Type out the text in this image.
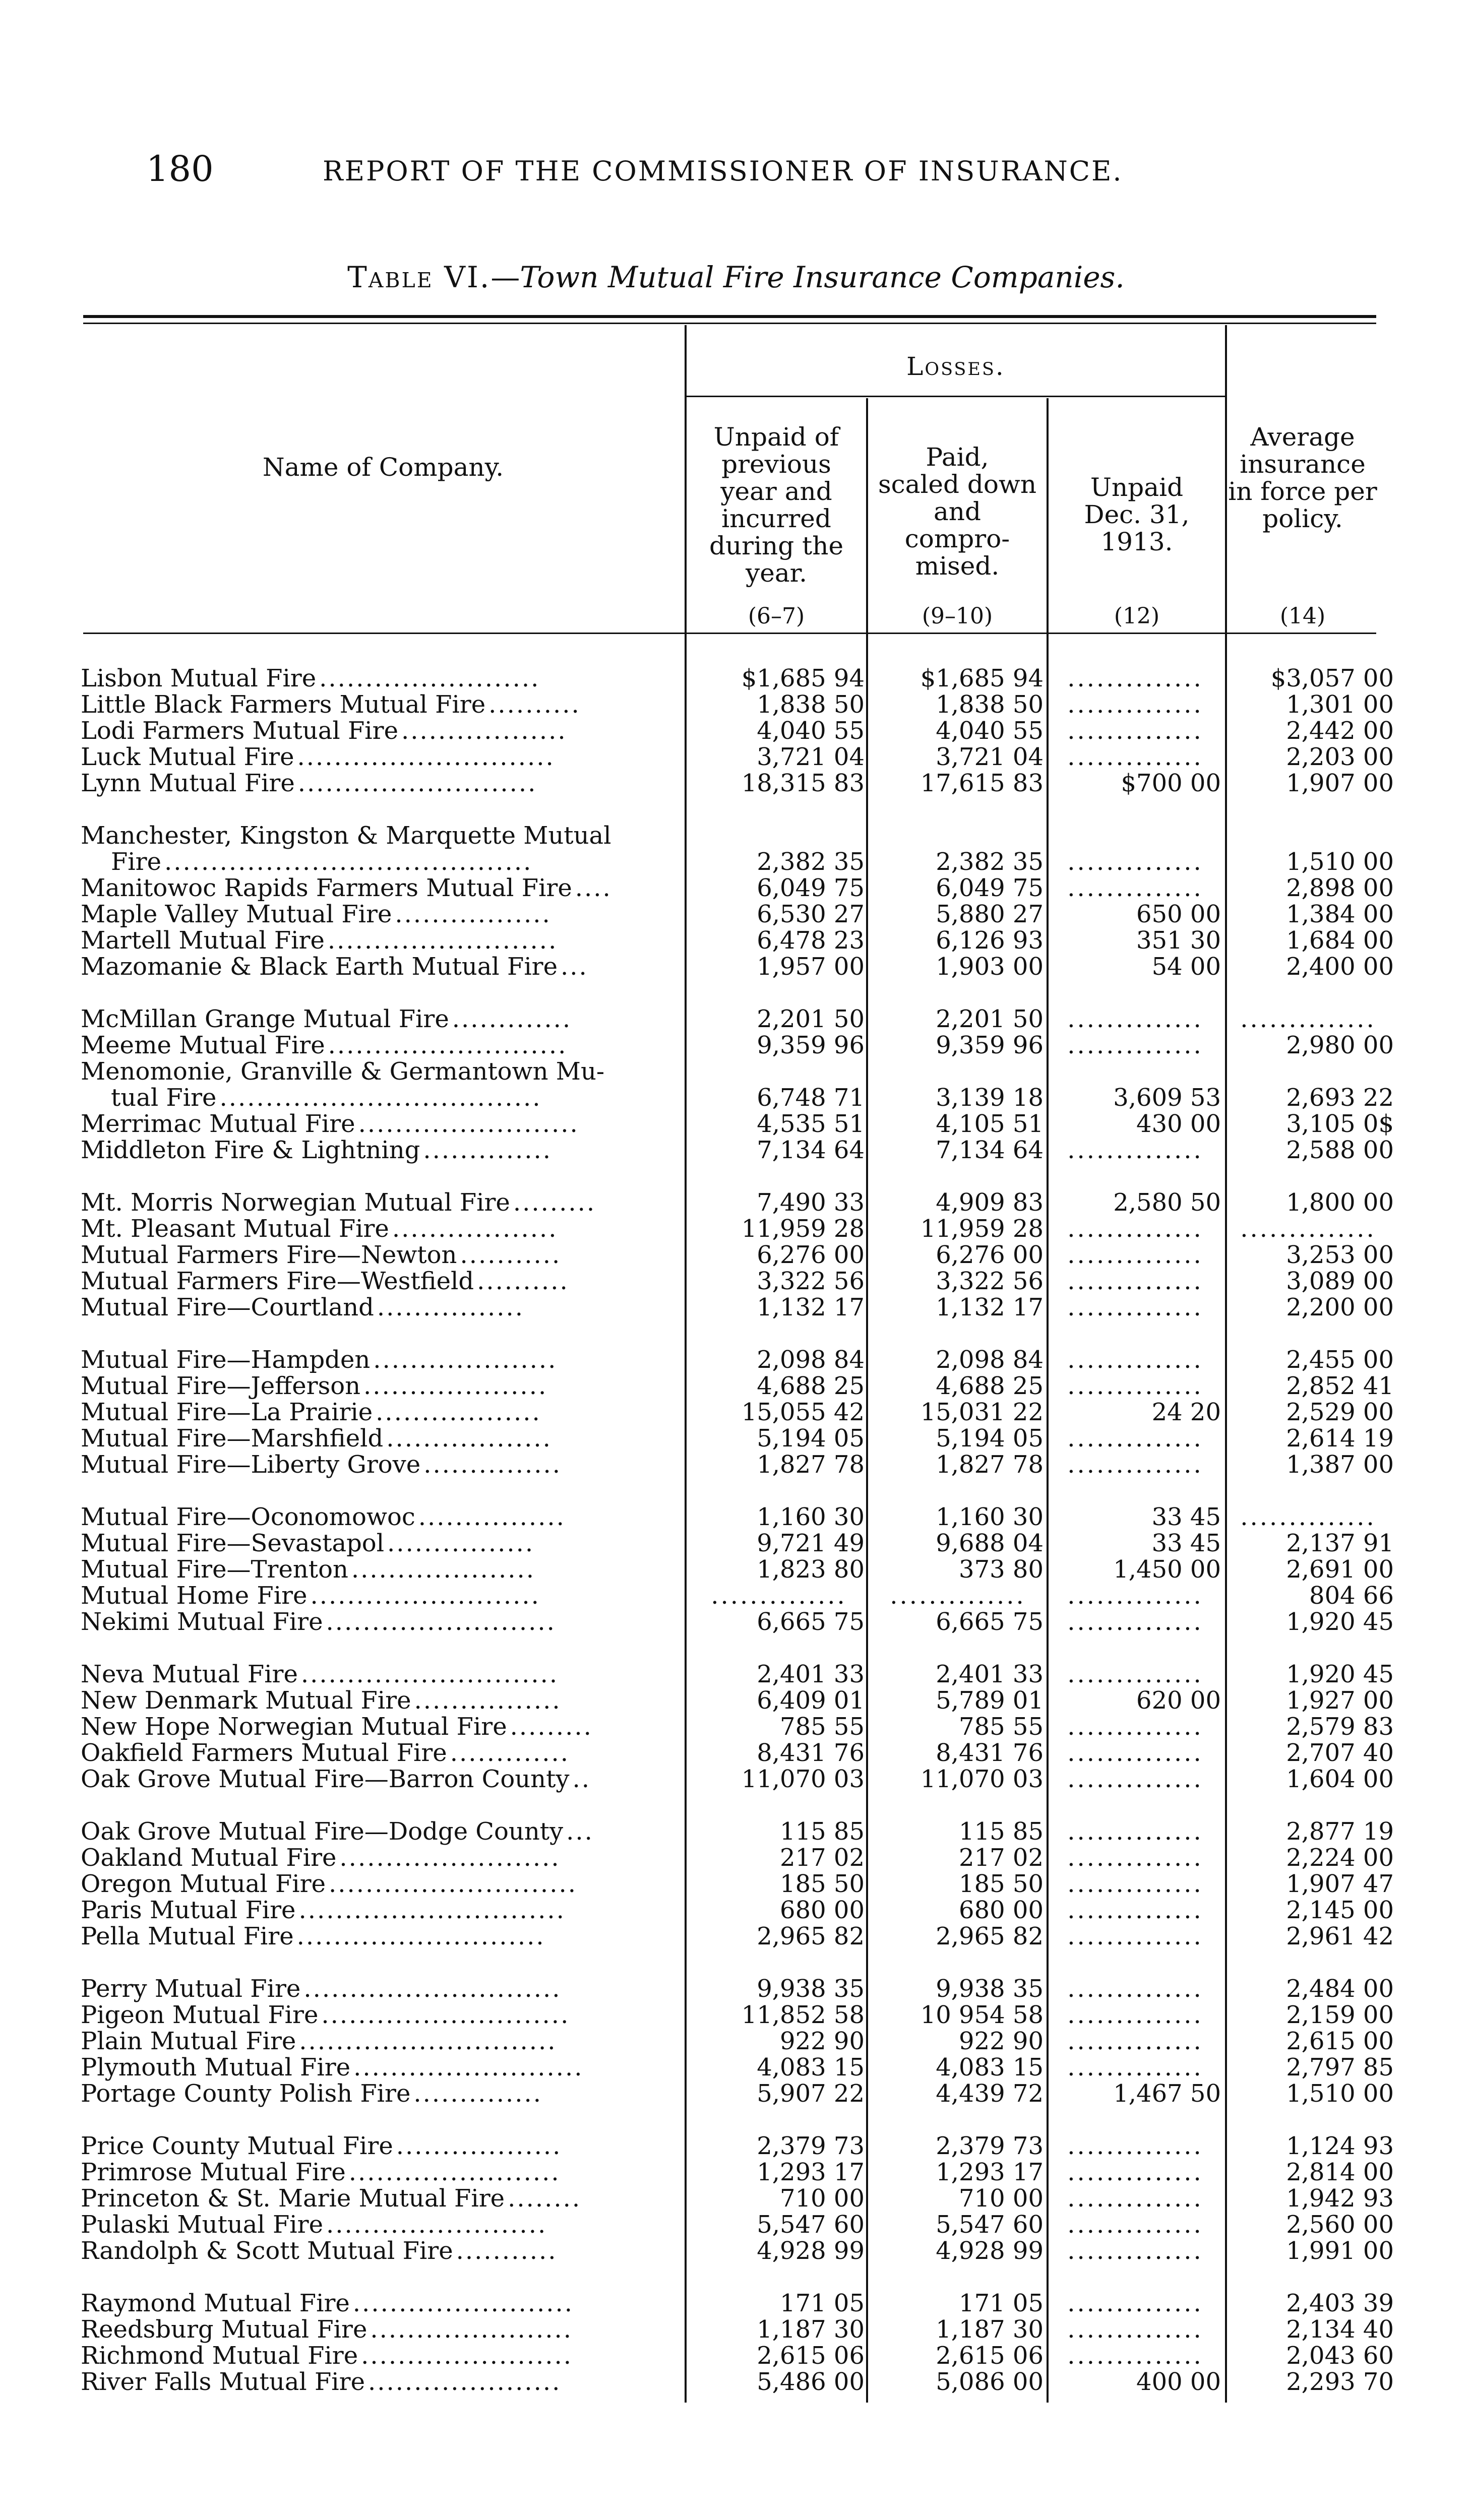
180	REPORT OF THE COMMISSIONER OF INSURANCE.
Table VI.—Town Mutual Fire Insurance Companies.
Name of Company.
Losses.
Unpaid of
previous
year and
incurred
during the
year.
Paid,
scaled down
and
compro-
mised.
Unpaid
Dec. 31, 1913.
Average
insurance
in force per
policy.
(6–7)	(9–10)	(12)	(14)
Lisbon Mutual Fire ........................	$1,685 94	$1,685 94 ..............	$3,057 00
Little Black Farmers Mutual Fire ..........	1,838 50	1,838 50 ..............	1,301 00
Lodi Farmers Mutual Fire ..................	4,040 55	4,040 55 ..............	2,442 00
Luck Mutual Fire ............................	3,721 04	3,721 04 ..............	2,203 00
Lynn Mutual Fire ..........................	18,315 83	17,615 83	$700 00	1,907 00
Manchester, Kingston & Marquette Mutual
Fire ........................................	2,382 35	2,382 35 ..............	1,510 00
Manitowoc Rapids Farmers Mutual Fire ....	6,049 75	6,049 75 ..............	2,898 00
Maple Valley Mutual Fire .................	6,530 27	5,880 27	650 00	1,384 00
Martell Mutual Fire .........................	6,478 23	6,126 93	351 30	1,684 00
Mazomanie & Black Earth Mutual Fire ...	1,957 00	1,903 00	54 00	2,400 00
McMillan Grange Mutual Fire .............	2,201 50	2,201 50 ..............	..............
Meeme Mutual Fire ..........................	9,359 96	9,359 96 ..............	2,980 00
Menomonie, Granville & Germantown Mu-
tual Fire ...................................	6,748 71	3,139 18	3,609 53	2,693 22
Merrimac Mutual Fire ........................	4,535 51	4,105 51	430 00	3,105 0$
Middleton Fire & Lightning ..............	7,134 64	7,134 64 ..............	2,588 00
Mt. Morris Norwegian Mutual Fire .........	7,490 33	4,909 83	2,580 50	1,800 00
Mt. Pleasant Mutual Fire ..................	11,959 28	11,959 28 ..............	..............
Mutual Farmers Fire—Newton ...........	6,276 00	6,276 00 ..............	3,253 00
Mutual Farmers Fire—Westfield ..........	3,322 56	3,322 56 ..............	3,089 00
Mutual Fire—Courtland ................	1,132 17	1,132 17 ..............	2,200 00
Mutual Fire—Hampden ....................	2,098 84	2,098 84 ..............	2,455 00
Mutual Fire—Jefferson ....................	4,688 25	4,688 25 ..............	2,852 41
Mutual Fire—La Prairie ..................	15,055 42	15,031 22	24 20	2,529 00
Mutual Fire—Marshfield ..................	5,194 05	5,194 05 ..............	2,614 19
Mutual Fire—Liberty Grove ...............	1,827 78	1,827 78 ..............	1,387 00
Mutual Fire—Oconomowoc ................	1,160 30	1,160 30	33 45 ..............
Mutual Fire—Sevastapol ................	9,721 49	9,688 04	33 45	2,137 91
Mutual Fire—Trenton ....................	1,823 80	373 80	1,450 00	2,691 00
Mutual Home Fire .........................	..............	..............	..............	804 66
Nekimi Mutual Fire .........................	6,665 75	6,665 75 ..............	1,920 45
Neva Mutual Fire ............................	2,401 33	2,401 33 ..............	1,920 45
New Denmark Mutual Fire ................	6,409 01	5,789 01	620 00	1,927 00
New Hope Norwegian Mutual Fire .........	785 55	785 55 ..............	2,579 83
Oakfield Farmers Mutual Fire .............	8,431 76	8,431 76 ..............	2,707 40
Oak Grove Mutual Fire—Barron County ..	11,070 03	11,070 03 ..............	1,604 00
Oak Grove Mutual Fire—Dodge County ...	115 85	115 85 ..............	2,877 19
Oakland Mutual Fire ........................	217 02	217 02 ..............	2,224 00
Oregon Mutual Fire ...........................	185 50	185 50 ..............	1,907 47
Paris Mutual Fire .............................	680 00	680 00 ..............	2,145 00
Pella Mutual Fire ...........................	2,965 82	2,965 82 ..............	2,961 42
Perry Mutual Fire ............................	9,938 35	9,938 35 ..............	2,484 00
Pigeon Mutual Fire ...........................	11,852 58	10 954 58 ..............	2,159 00
Plain Mutual Fire ............................	922 90	922 90 ..............	2,615 00
Plymouth Mutual Fire .........................	4,083 15	4,083 15 ..............	2,797 85
Portage County Polish Fire ..............	5,907 22	4,439 72	1,467 50	1,510 00
Price County Mutual Fire ..................	2,379 73	2,379 73 ..............	1,124 93
Primrose Mutual Fire .......................	1,293 17	1,293 17 ..............	2,814 00
Princeton & St. Marie Mutual Fire ........	710 00	710 00 ..............	1,942 93
Pulaski Mutual Fire ........................	5,547 60	5,547 60 ..............	2,560 00
Randolph & Scott Mutual Fire ...........	4,928 99	4,928 99 ..............	1,991 00
Raymond Mutual Fire ........................	171 05	171 05 ..............	2,403 39
Reedsburg Mutual Fire ......................	1,187 30	1,187 30 ..............	2,134 40
Richmond Mutual Fire .......................	2,615 06	2,615 06 ..............	2,043 60
River Falls Mutual Fire .....................	5,486 00	5,086 00	400 00	2,293 70
